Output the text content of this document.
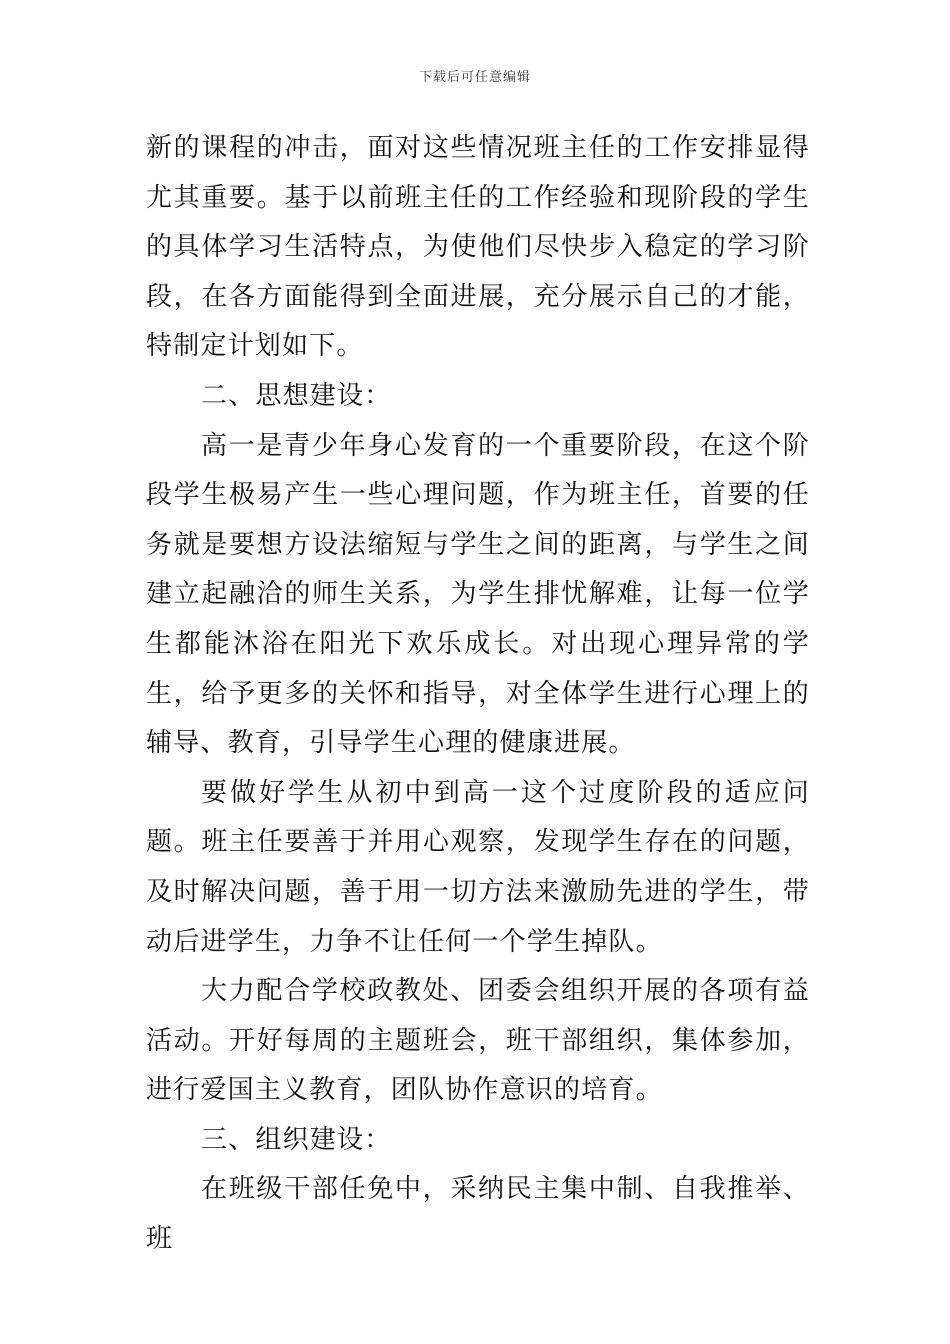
下载后可任意编辑

新的课程的冲击，面对这些情况班主任的工作安排显得尤其重要。基于以前班主任的工作经验和现阶段的学生的具体学习生活特点，为使他们尽快步入稳定的学习阶段，在各方面能得到全面进展，充分展示自己的才能，特制定计划如下。

二、思想建设：

高一是青少年身心发育的一个重要阶段，在这个阶段学生极易产生一些心理问题，作为班主任，首要的任务就是要想方设法缩短与学生之间的距离，与学生之间建立起融洽的师生关系，为学生排忧解难，让每一位学生都能沐浴在阳光下欢乐成长。对出现心理异常的学生，给予更多的关怀和指导，对全体学生进行心理上的辅导、教育，引导学生心理的健康进展。

要做好学生从初中到高一这个过度阶段的适应问题。班主任要善于并用心观察，发现学生存在的问题，及时解决问题，善于用一切方法来激励先进的学生，带动后进学生，力争不让任何一个学生掉队。

大力配合学校政教处、团委会组织开展的各项有益活动。开好每周的主题班会，班干部组织，集体参加，进行爱国主义教育，团队协作意识的培育。

三、组织建设：

在班级干部任免中，采纳民主集中制、自我推举、班
